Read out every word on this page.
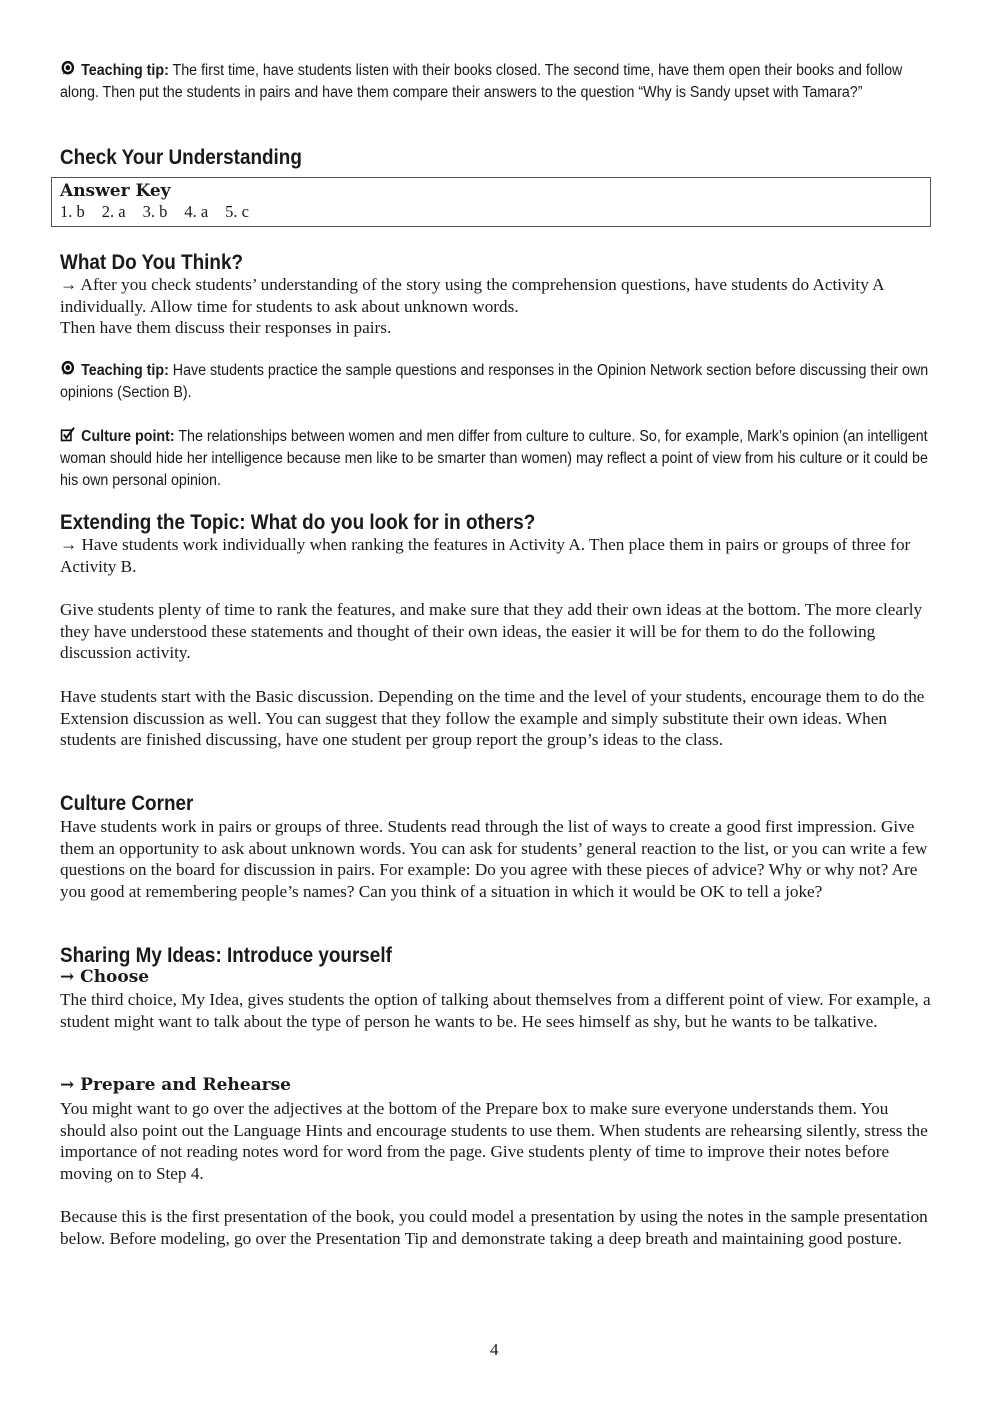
Teaching tip: The first time, have students listen with their books closed. The second time, have them open their books and follow along. Then put the students in pairs and have them compare their answers to the question “Why is Sandy upset with Tamara?”
Check Your Understanding
Answer Key
1. b 2. a 3. b 4. a 5. c
What Do You Think?

→ After you check students’ understanding of the story using the comprehension questions, have students do Activity A individually. Allow time for students to ask about unknown words.

Then have them discuss their responses in pairs.

Teaching tip: Have students practice the sample questions and responses in the Opinion Network section before discussing their own opinions (Section B).
Culture point: The relationships between women and men differ from culture to culture. So, for example, Mark’s opinion (an intelligent woman should hide her intelligence because men like to be smarter than women) may reflect a point of view from his culture or it could be his own personal opinion.
Extending the Topic: What do you look for in others?

→ Have students work individually when ranking the features in Activity A. Then place them in pairs or groups of three for Activity B.

Give students plenty of time to rank the features, and make sure that they add their own ideas at the bottom. The more clearly they have understood these statements and thought of their own ideas, the easier it will be for them to do the following discussion activity.

Have students start with the Basic discussion. Depending on the time and the level of your students, encourage them to do the Extension discussion as well. You can suggest that they follow the example and simply substitute their own ideas. When students are finished discussing, have one student per group report the group’s ideas to the class.

Culture Corner

Have students work in pairs or groups of three. Students read through the list of ways to create a good first impression. Give them an opportunity to ask about unknown words. You can ask for students’ general reaction to the list, or you can write a few questions on the board for discussion in pairs. For example: Do you agree with these pieces of advice? Why or why not? Are you good at remembering people’s names? Can you think of a situation in which it would be OK to tell a joke?

Sharing My Ideas: Introduce yourself
→ Choose

The third choice, My Idea, gives students the option of talking about themselves from a different point of view. For example, a student might want to talk about the type of person he wants to be. He sees himself as shy, but he wants to be talkative.

→ Prepare and Rehearse

You might want to go over the adjectives at the bottom of the Prepare box to make sure everyone understands them. You should also point out the Language Hints and encourage students to use them. When students are rehearsing silently, stress the importance of not reading notes word for word from the page. Give students plenty of time to improve their notes before moving on to Step 4.

Because this is the first presentation of the book, you could model a presentation by using the notes in the sample presentation below. Before modeling, go over the Presentation Tip and demonstrate taking a deep breath and maintaining good posture.

4
